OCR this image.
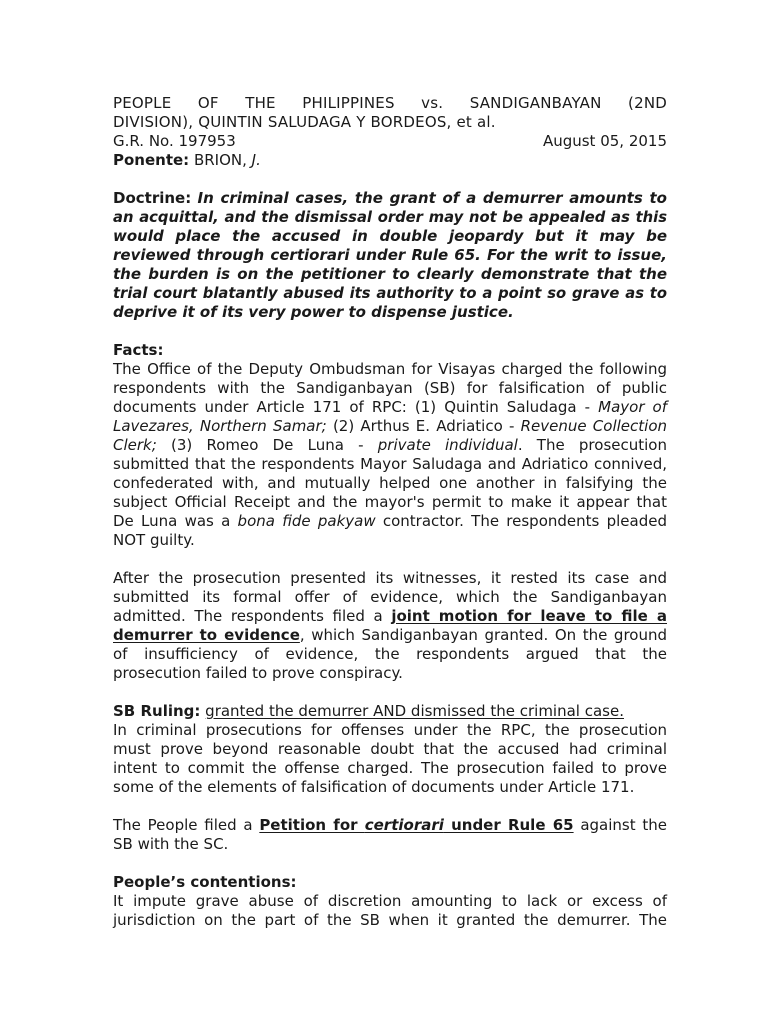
PEOPLE OF THE PHILIPPINES vs. SANDIGANBAYAN (2ND
DIVISION), QUINTIN SALUDAGA Y BORDEOS, et al.
G.R. No. 197953	August 05, 2015
Ponente: BRION, J.
Doctrine: In criminal cases, the grant of a demurrer amounts to
an acquittal, and the dismissal order may not be appealed as this
would place the accused in double jeopardy but it may be
reviewed through certiorari under Rule 65. For the writ to issue,
the burden is on the petitioner to clearly demonstrate that the
trial court blatantly abused its authority to a point so grave as to
deprive it of its very power to dispense justice.
Facts:
The Office of the Deputy Ombudsman for Visayas charged the following
respondents with the Sandiganbayan (SB) for falsification of public
documents under Article 171 of RPC: (1) Quintin Saludaga - Mayor of
Lavezares, Northern Samar; (2) Arthus E. Adriatico - Revenue Collection
Clerk; (3) Romeo De Luna - private individual. The prosecution
submitted that the respondents Mayor Saludaga and Adriatico connived,
confederated with, and mutually helped one another in falsifying the
subject Official Receipt and the mayor's permit to make it appear that
De Luna was a bona fide pakyaw contractor. The respondents pleaded
NOT guilty.
After the prosecution presented its witnesses, it rested its case and
submitted its formal offer of evidence, which the Sandiganbayan
admitted. The respondents filed a joint motion for leave to file a
demurrer to evidence, which Sandiganbayan granted. On the ground
of insufficiency of evidence, the respondents argued that the
prosecution failed to prove conspiracy.
SB Ruling: granted the demurrer AND dismissed the criminal case.
In criminal prosecutions for offenses under the RPC, the prosecution
must prove beyond reasonable doubt that the accused had criminal
intent to commit the offense charged. The prosecution failed to prove
some of the elements of falsification of documents under Article 171.
The People filed a Petition for certiorari under Rule 65 against the
SB with the SC.
People’s contentions:
It impute grave abuse of discretion amounting to lack or excess of
jurisdiction on the part of the SB when it granted the demurrer. The
